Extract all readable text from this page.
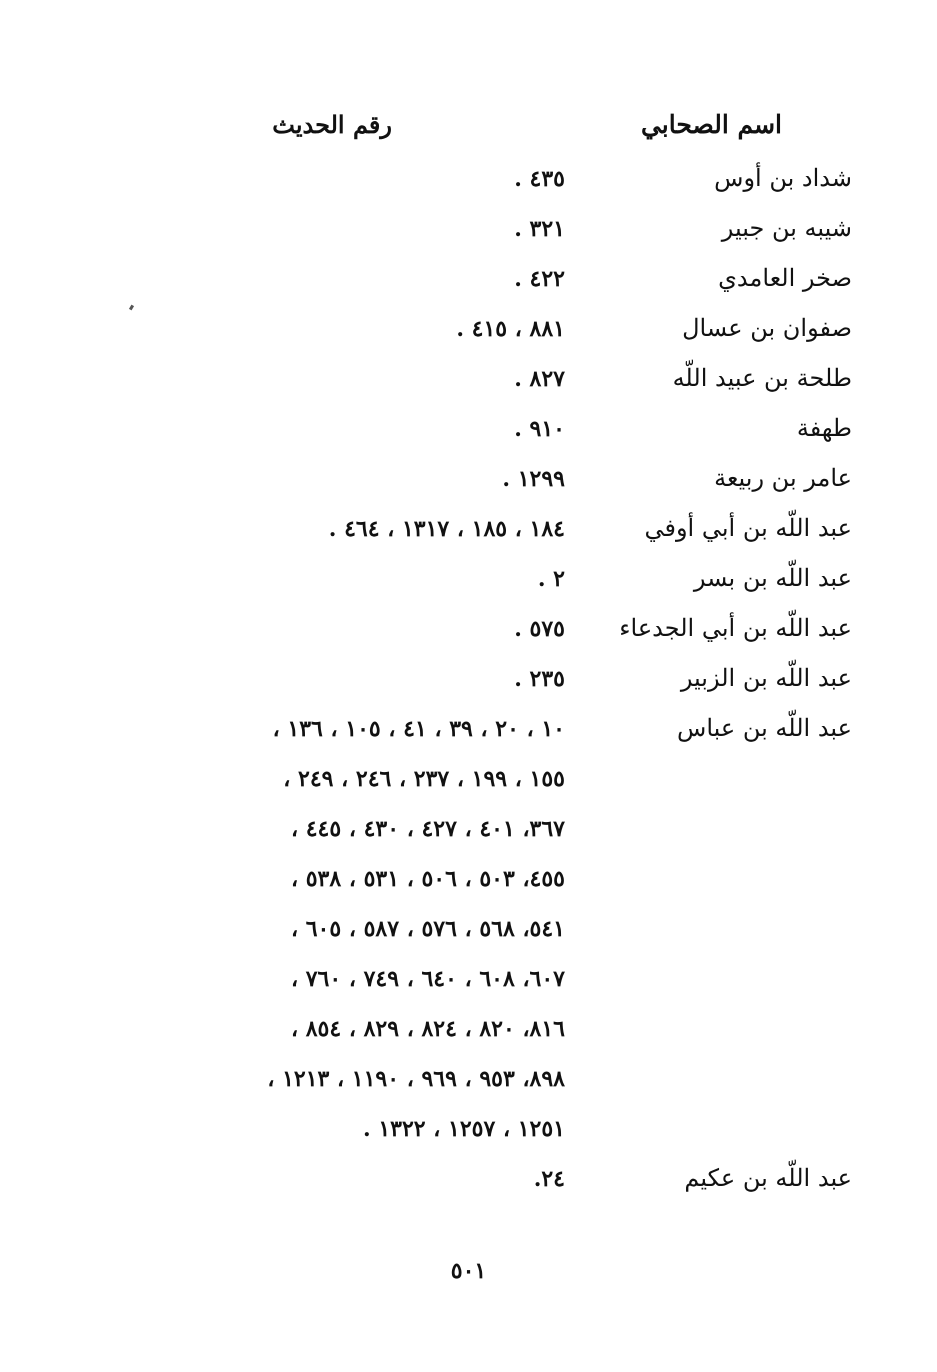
اسم الصحابي
رقم الحديث
شداد بن أوس
٤٣٥ .
شيبه بن جبير
٣٢١ .
صخر العامدي
٤٢٢ .
صفوان بن عسال
٨٨١ ، ٤١٥ .
طلحة بن عبيد اللّه
٨٢٧ .
طهفة
٩١٠ .
عامر بن ربيعة
١٢٩٩ .
عبد اللّه بن أبي أوفي
١٨٤ ، ١٨٥ ، ١٣١٧ ، ٤٦٤ .
عبد اللّه بن بسر
٢ .
عبد اللّه بن أبي الجدعاء
٥٧٥ .
عبد اللّه بن الزبير
٢٣٥ .
عبد اللّه بن عباس
١٠ ، ٢٠ ، ٣٩ ، ٤١ ، ١٠٥ ، ١٣٦ ،
١٥٥ ، ١٩٩ ، ٢٣٧ ، ٢٤٦ ، ٢٤٩ ،
٣٦٧، ٤٠١ ، ٤٢٧ ، ٤٣٠ ، ٤٤٥ ،
٤٥٥، ٥٠٣ ، ٥٠٦ ، ٥٣١ ، ٥٣٨ ،
٥٤١، ٥٦٨ ، ٥٧٦ ، ٥٨٧ ، ٦٠٥ ،
٦٠٧، ٦٠٨ ، ٦٤٠ ، ٧٤٩ ، ٧٦٠ ،
٨١٦، ٨٢٠ ، ٨٢٤ ، ٨٢٩ ، ٨٥٤ ،
٨٩٨، ٩٥٣ ، ٩٦٩ ، ١١٩٠ ، ١٢١٣ ،
١٢٥١ ، ١٢٥٧ ، ١٣٢٢ .
عبد اللّه بن عكيم
٢٤.
٥٠١
